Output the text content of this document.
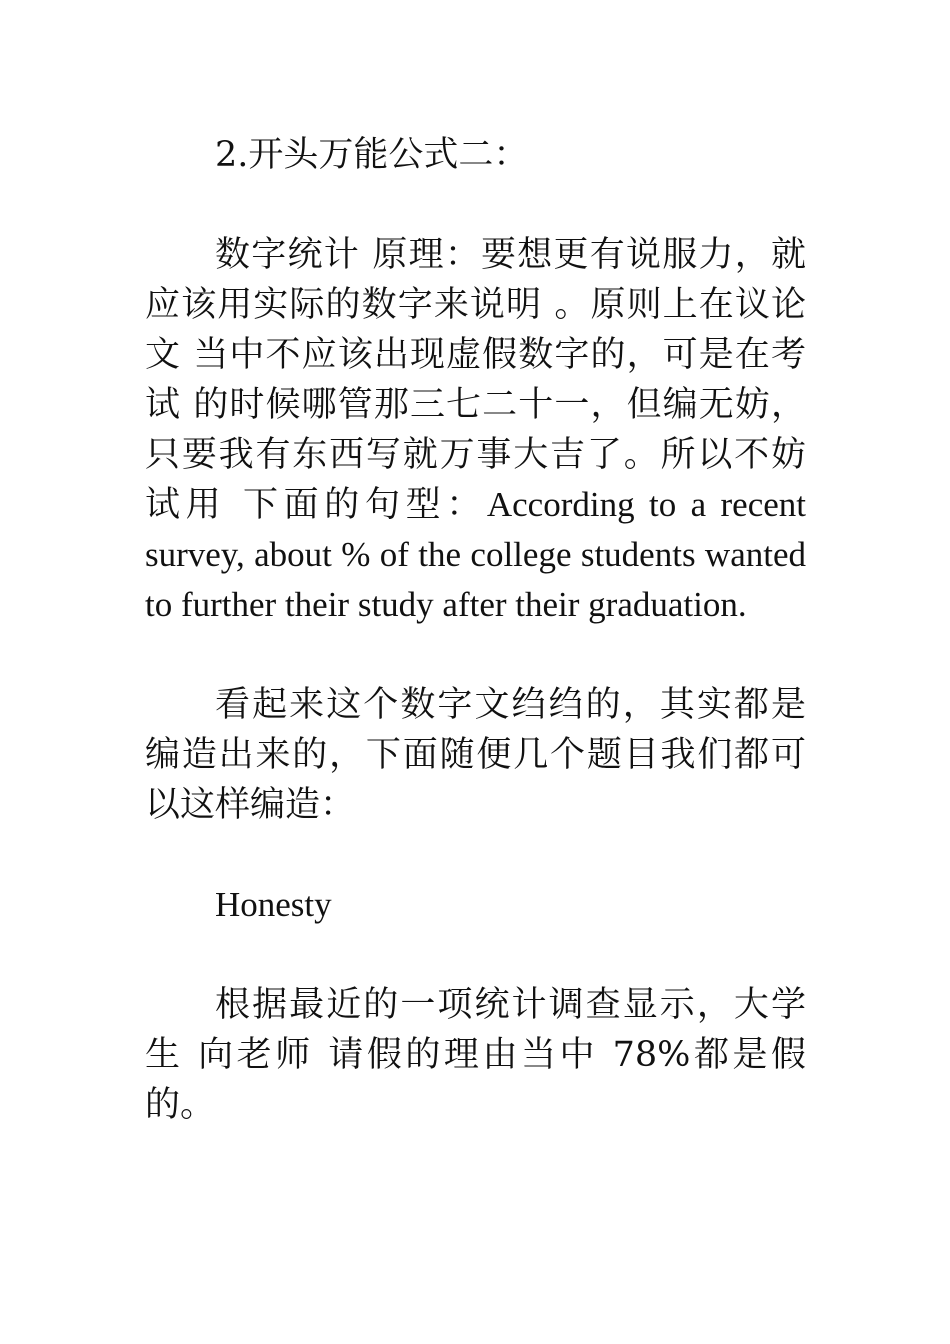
2.开头万能公式二：

数字统计 原理：要想更有说服力，就应该用实际的数字来说明 。原则上在议论文 当中不应该出现虚假数字的，可是在考试 的时候哪管那三七二十一，但编无妨，只要我有东西写就万事大吉了。所以不妨试用 下面的句型：According to a recent survey, about % of the college students wanted to further their study after their graduation.

看起来这个数字文绉绉的，其实都是编造出来的，下面随便几个题目我们都可以这样编造：

Honesty

根据最近的一项统计调查显示，大学生 向老师 请假的理由当中 78%都是假的。
